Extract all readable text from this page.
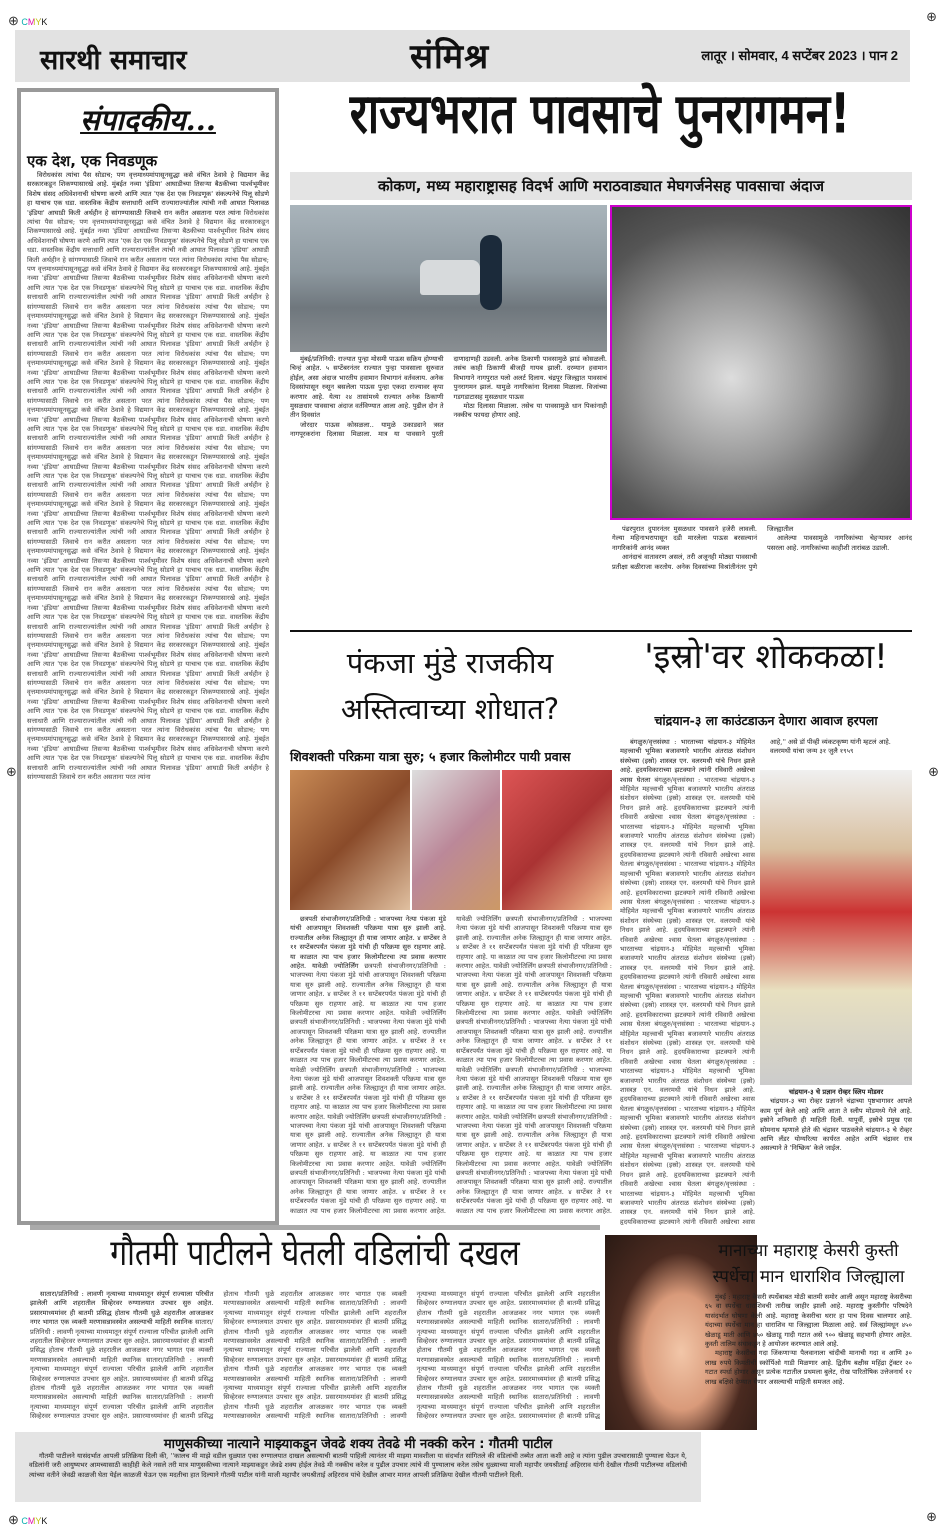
⊕ CMYK	⊕
⊕	⊕
⊕ CMYK	⊕
सारथी समाचार	संमिश्र	लातूर । सोमवार, 4 सप्टेंबर 2023 । पान 2
संपादकीय...
एक देश, एक निवडणूक

विरोधकांस त्यांचा पैस सोडाच; पण वृत्तमाध्यमांपासूनसुद्धा कसे वंचित ठेवावे हे विद्यमान केंद्र सरकारकडून शिकण्यासारखे आहे. मुंबईत नव्या 'इंडिया' आघाडीच्या तिसऱ्या बैठकीच्या पार्श्वभूमीवर विशेष संसद अधिवेशनाची घोषणा करणे आणि त्यात 'एक देश एक निवडणूक' संकल्पनेचे पिलू सोडणे हा याचाच एक धडा. वास्तविक केंद्रीय सत्ताधारी आणि राज्याराज्यांतील त्यांची नवी आघात पिलावळ 'इंडिया' आघाडी किती अर्थहीन हे सांगण्यासाठी जिवाचे रान करीत असताना परत त्यांना विरोधकांस त्यांचा पैस सोडाच; पण वृत्तमाध्यमांपासूनसुद्धा कसे वंचित ठेवावे हे विद्यमान केंद्र सरकारकडून शिकण्यासारखे आहे. मुंबईत नव्या 'इंडिया' आघाडीच्या तिसऱ्या बैठकीच्या पार्श्वभूमीवर विशेष संसद अधिवेशनाची घोषणा करणे आणि त्यात 'एक देश एक निवडणूक' संकल्पनेचे पिलू सोडणे हा याचाच एक धडा. वास्तविक केंद्रीय सत्ताधारी आणि राज्याराज्यांतील त्यांची नवी आघात पिलावळ 'इंडिया' आघाडी किती अर्थहीन हे सांगण्यासाठी जिवाचे रान करीत असताना परत त्यांना विरोधकांस त्यांचा पैस सोडाच; पण वृत्तमाध्यमांपासूनसुद्धा कसे वंचित ठेवावे हे विद्यमान केंद्र सरकारकडून शिकण्यासारखे आहे. मुंबईत नव्या 'इंडिया' आघाडीच्या तिसऱ्या बैठकीच्या पार्श्वभूमीवर विशेष संसद अधिवेशनाची घोषणा करणे आणि त्यात 'एक देश एक निवडणूक' संकल्पनेचे पिलू सोडणे हा याचाच एक धडा. वास्तविक केंद्रीय सत्ताधारी आणि राज्याराज्यांतील त्यांची नवी आघात पिलावळ 'इंडिया' आघाडी किती अर्थहीन हे सांगण्यासाठी जिवाचे रान करीत असताना परत त्यांना विरोधकांस त्यांचा पैस सोडाच; पण वृत्तमाध्यमांपासूनसुद्धा कसे वंचित ठेवावे हे विद्यमान केंद्र सरकारकडून शिकण्यासारखे आहे. मुंबईत नव्या 'इंडिया' आघाडीच्या तिसऱ्या बैठकीच्या पार्श्वभूमीवर विशेष संसद अधिवेशनाची घोषणा करणे आणि त्यात 'एक देश एक निवडणूक' संकल्पनेचे पिलू सोडणे हा याचाच एक धडा. वास्तविक केंद्रीय सत्ताधारी आणि राज्याराज्यांतील त्यांची नवी आघात पिलावळ 'इंडिया' आघाडी किती अर्थहीन हे सांगण्यासाठी जिवाचे रान करीत असताना परत त्यांना विरोधकांस त्यांचा पैस सोडाच; पण वृत्तमाध्यमांपासूनसुद्धा कसे वंचित ठेवावे हे विद्यमान केंद्र सरकारकडून शिकण्यासारखे आहे. मुंबईत नव्या 'इंडिया' आघाडीच्या तिसऱ्या बैठकीच्या पार्श्वभूमीवर विशेष संसद अधिवेशनाची घोषणा करणे आणि त्यात 'एक देश एक निवडणूक' संकल्पनेचे पिलू सोडणे हा याचाच एक धडा. वास्तविक केंद्रीय सत्ताधारी आणि राज्याराज्यांतील त्यांची नवी आघात पिलावळ 'इंडिया' आघाडी किती अर्थहीन हे सांगण्यासाठी जिवाचे रान करीत असताना परत त्यांना विरोधकांस त्यांचा पैस सोडाच; पण वृत्तमाध्यमांपासूनसुद्धा कसे वंचित ठेवावे हे विद्यमान केंद्र सरकारकडून शिकण्यासारखे आहे. मुंबईत नव्या 'इंडिया' आघाडीच्या तिसऱ्या बैठकीच्या पार्श्वभूमीवर विशेष संसद अधिवेशनाची घोषणा करणे आणि त्यात 'एक देश एक निवडणूक' संकल्पनेचे पिलू सोडणे हा याचाच एक धडा. वास्तविक केंद्रीय सत्ताधारी आणि राज्याराज्यांतील त्यांची नवी आघात पिलावळ 'इंडिया' आघाडी किती अर्थहीन हे सांगण्यासाठी जिवाचे रान करीत असताना परत त्यांना विरोधकांस त्यांचा पैस सोडाच; पण वृत्तमाध्यमांपासूनसुद्धा कसे वंचित ठेवावे हे विद्यमान केंद्र सरकारकडून शिकण्यासारखे आहे. मुंबईत नव्या 'इंडिया' आघाडीच्या तिसऱ्या बैठकीच्या पार्श्वभूमीवर विशेष संसद अधिवेशनाची घोषणा करणे आणि त्यात 'एक देश एक निवडणूक' संकल्पनेचे पिलू सोडणे हा याचाच एक धडा. वास्तविक केंद्रीय सत्ताधारी आणि राज्याराज्यांतील त्यांची नवी आघात पिलावळ 'इंडिया' आघाडी किती अर्थहीन हे सांगण्यासाठी जिवाचे रान करीत असताना परत त्यांना विरोधकांस त्यांचा पैस सोडाच; पण वृत्तमाध्यमांपासूनसुद्धा कसे वंचित ठेवावे हे विद्यमान केंद्र सरकारकडून शिकण्यासारखे आहे. मुंबईत नव्या 'इंडिया' आघाडीच्या तिसऱ्या बैठकीच्या पार्श्वभूमीवर विशेष संसद अधिवेशनाची घोषणा करणे आणि त्यात 'एक देश एक निवडणूक' संकल्पनेचे पिलू सोडणे हा याचाच एक धडा. वास्तविक केंद्रीय सत्ताधारी आणि राज्याराज्यांतील त्यांची नवी आघात पिलावळ 'इंडिया' आघाडी किती अर्थहीन हे सांगण्यासाठी जिवाचे रान करीत असताना परत त्यांना विरोधकांस त्यांचा पैस सोडाच; पण वृत्तमाध्यमांपासूनसुद्धा कसे वंचित ठेवावे हे विद्यमान केंद्र सरकारकडून शिकण्यासारखे आहे. मुंबईत नव्या 'इंडिया' आघाडीच्या तिसऱ्या बैठकीच्या पार्श्वभूमीवर विशेष संसद अधिवेशनाची घोषणा करणे आणि त्यात 'एक देश एक निवडणूक' संकल्पनेचे पिलू सोडणे हा याचाच एक धडा. वास्तविक केंद्रीय सत्ताधारी आणि राज्याराज्यांतील त्यांची नवी आघात पिलावळ 'इंडिया' आघाडी किती अर्थहीन हे सांगण्यासाठी जिवाचे रान करीत असताना परत त्यांना विरोधकांस त्यांचा पैस सोडाच; पण वृत्तमाध्यमांपासूनसुद्धा कसे वंचित ठेवावे हे विद्यमान केंद्र सरकारकडून शिकण्यासारखे आहे. मुंबईत नव्या 'इंडिया' आघाडीच्या तिसऱ्या बैठकीच्या पार्श्वभूमीवर विशेष संसद अधिवेशनाची घोषणा करणे आणि त्यात 'एक देश एक निवडणूक' संकल्पनेचे पिलू सोडणे हा याचाच एक धडा. वास्तविक केंद्रीय सत्ताधारी आणि राज्याराज्यांतील त्यांची नवी आघात पिलावळ 'इंडिया' आघाडी किती अर्थहीन हे सांगण्यासाठी जिवाचे रान करीत असताना परत त्यांना विरोधकांस त्यांचा पैस सोडाच; पण वृत्तमाध्यमांपासूनसुद्धा कसे वंचित ठेवावे हे विद्यमान केंद्र सरकारकडून शिकण्यासारखे आहे. मुंबईत नव्या 'इंडिया' आघाडीच्या तिसऱ्या बैठकीच्या पार्श्वभूमीवर विशेष संसद अधिवेशनाची घोषणा करणे आणि त्यात 'एक देश एक निवडणूक' संकल्पनेचे पिलू सोडणे हा याचाच एक धडा. वास्तविक केंद्रीय सत्ताधारी आणि राज्याराज्यांतील त्यांची नवी आघात पिलावळ 'इंडिया' आघाडी किती अर्थहीन हे सांगण्यासाठी जिवाचे रान करीत असताना परत त्यांना विरोधकांस त्यांचा पैस सोडाच; पण वृत्तमाध्यमांपासूनसुद्धा कसे वंचित ठेवावे हे विद्यमान केंद्र सरकारकडून शिकण्यासारखे आहे. मुंबईत नव्या 'इंडिया' आघाडीच्या तिसऱ्या बैठकीच्या पार्श्वभूमीवर विशेष संसद अधिवेशनाची घोषणा करणे आणि त्यात 'एक देश एक निवडणूक' संकल्पनेचे पिलू सोडणे हा याचाच एक धडा. वास्तविक केंद्रीय सत्ताधारी आणि राज्याराज्यांतील त्यांची नवी आघात पिलावळ 'इंडिया' आघाडी किती अर्थहीन हे सांगण्यासाठी जिवाचे रान करीत असताना परत त्यांना विरोधकांस त्यांचा पैस सोडाच; पण वृत्तमाध्यमांपासूनसुद्धा कसे वंचित ठेवावे हे विद्यमान केंद्र सरकारकडून शिकण्यासारखे आहे. मुंबईत नव्या 'इंडिया' आघाडीच्या तिसऱ्या बैठकीच्या पार्श्वभूमीवर विशेष संसद अधिवेशनाची घोषणा करणे आणि त्यात 'एक देश एक निवडणूक' संकल्पनेचे पिलू सोडणे हा याचाच एक धडा. वास्तविक केंद्रीय सत्ताधारी आणि राज्याराज्यांतील त्यांची नवी आघात पिलावळ 'इंडिया' आघाडी किती अर्थहीन हे सांगण्यासाठी जिवाचे रान करीत असताना परत त्यांना

राज्यभरात पावसाचे पुनरागमन!
कोकण, मध्य महाराष्ट्रासह विदर्भ आणि मराठवाड्यात मेघगर्जनेसह पावसाचा अंदाज

मुंबई/प्रतिनिधी: राज्यात पुन्हा मोसमी पाऊस सक्रिय होण्याची चिन्हं आहेत. ५ सप्टेंबरनंतर राज्यात पुन्हा पावसाला सुरुवात होईल, असा अंदाज भारतीय हवामान विभागानं वर्तवलाय. अनेक दिवसांपासून रुसून बसलेला पाऊस पुन्हा एकदा राज्यावर कृपा करणार आहे. येत्या २४ तासांमध्ये राज्यात अनेक ठिकाणी मुसळधार पावसाचा अंदाज वर्तविण्यात आला आहे. पुढील दोन ते तीन दिवसांत

जोरदार पाऊस कोसळला.. यामुळे उकाड्याने त्रस्त नागपूरकरांना दिलासा मिळाला. मात्र या पावसाने पुरती दाणादाणही उडवली. अनेक ठिकाणी पावसामुळे झाडं कोसळली. तसंच काही ठिकाणी बीजही गायब झाली. दरम्यान हवामान विभागाने नागपुरात यलो अलर्ट दिलाय. चंद्रपूर जिल्ह्यात पावसाचं पुनरागमन झालं. यामुळे नागरिकांना दिलासा मिळाला. विजांच्या गडगडाटासह मुसळधार पाऊस

मोठा दिलासा मिळाला. तसेच या पावसामुळे धान पिकांनाही नक्कीच फायदा होणार आहे.

पंढरपुरात दुपारनंतर मुसळधार पावसाने हजेरी लावली. गेल्या महिनाभरापासून दडी मारलेला पाऊस बरसल्यानं नागरिकांनी आनंद व्यक्त

आनंदाचं वातावरण असलं, तरी अजूनही मोठ्या पावसाची प्रतीक्षा बळीराजा करतोय. अनेक दिवसांच्या विश्रांतीनंतर पुणे जिल्ह्यातील

आलेल्या पावसामुळे नागरिकांच्या चेहऱ्यावर आनंद पसरला आहे. नागरिकांच्या काहीशी तारांबळ उडाली.

पंकजा मुंडे राजकीय अस्तित्वाच्या शोधात?
शिवशक्ती परिक्रमा यात्रा सुरु; ५ हजार किलोमीटर पायी प्रवास

छत्रपती संभाजीनगर/प्रतिनिधी : भाजपच्या नेत्या पंकजा मुंडे यांची आजपासून शिवशक्ती परिक्रमा यात्रा सुरु झाली आहे. राज्यातील अनेक जिल्ह्यातून ही यात्रा जाणार आहेत. ४ सप्टेंबर ते ११ सप्टेंबरपर्यंत पंकजा मुंडे यांची ही परिक्रमा सुरु राहणार आहे. या काळात त्या पाच हजार किलोमीटरचा त्या प्रवास करणार आहेत. यावेळी ज्योतिर्लिंग छत्रपती संभाजीनगर/प्रतिनिधी : भाजपच्या नेत्या पंकजा मुंडे यांची आजपासून शिवशक्ती परिक्रमा यात्रा सुरु झाली आहे. राज्यातील अनेक जिल्ह्यातून ही यात्रा जाणार आहेत. ४ सप्टेंबर ते ११ सप्टेंबरपर्यंत पंकजा मुंडे यांची ही परिक्रमा सुरु राहणार आहे. या काळात त्या पाच हजार किलोमीटरचा त्या प्रवास करणार आहेत. यावेळी ज्योतिर्लिंग छत्रपती संभाजीनगर/प्रतिनिधी : भाजपच्या नेत्या पंकजा मुंडे यांची आजपासून शिवशक्ती परिक्रमा यात्रा सुरु झाली आहे. राज्यातील अनेक जिल्ह्यातून ही यात्रा जाणार आहेत. ४ सप्टेंबर ते ११ सप्टेंबरपर्यंत पंकजा मुंडे यांची ही परिक्रमा सुरु राहणार आहे. या काळात त्या पाच हजार किलोमीटरचा त्या प्रवास करणार आहेत. यावेळी ज्योतिर्लिंग छत्रपती संभाजीनगर/प्रतिनिधी : भाजपच्या नेत्या पंकजा मुंडे यांची आजपासून शिवशक्ती परिक्रमा यात्रा सुरु झाली आहे. राज्यातील अनेक जिल्ह्यातून ही यात्रा जाणार आहेत. ४ सप्टेंबर ते ११ सप्टेंबरपर्यंत पंकजा मुंडे यांची ही परिक्रमा सुरु राहणार आहे. या काळात त्या पाच हजार किलोमीटरचा त्या प्रवास करणार आहेत. यावेळी ज्योतिर्लिंग छत्रपती संभाजीनगर/प्रतिनिधी : भाजपच्या नेत्या पंकजा मुंडे यांची आजपासून शिवशक्ती परिक्रमा यात्रा सुरु झाली आहे. राज्यातील अनेक जिल्ह्यातून ही यात्रा जाणार आहेत. ४ सप्टेंबर ते ११ सप्टेंबरपर्यंत पंकजा मुंडे यांची ही परिक्रमा सुरु राहणार आहे. या काळात त्या पाच हजार किलोमीटरचा त्या प्रवास करणार आहेत. यावेळी ज्योतिर्लिंग छत्रपती संभाजीनगर/प्रतिनिधी : भाजपच्या नेत्या पंकजा मुंडे यांची आजपासून शिवशक्ती परिक्रमा यात्रा सुरु झाली आहे. राज्यातील अनेक जिल्ह्यातून ही यात्रा जाणार आहेत. ४ सप्टेंबर ते ११ सप्टेंबरपर्यंत पंकजा मुंडे यांची ही परिक्रमा सुरु राहणार आहे. या काळात त्या पाच हजार किलोमीटरचा त्या प्रवास करणार आहेत. यावेळी ज्योतिर्लिंग छत्रपती संभाजीनगर/प्रतिनिधी : भाजपच्या नेत्या पंकजा मुंडे यांची आजपासून शिवशक्ती परिक्रमा यात्रा सुरु झाली आहे. राज्यातील अनेक जिल्ह्यातून ही यात्रा जाणार आहेत. ४ सप्टेंबर ते ११ सप्टेंबरपर्यंत पंकजा मुंडे यांची ही परिक्रमा सुरु राहणार आहे. या काळात त्या पाच हजार किलोमीटरचा त्या प्रवास करणार आहेत. यावेळी ज्योतिर्लिंग छत्रपती संभाजीनगर/प्रतिनिधी : भाजपच्या नेत्या पंकजा मुंडे यांची आजपासून शिवशक्ती परिक्रमा यात्रा सुरु झाली आहे. राज्यातील अनेक जिल्ह्यातून ही यात्रा जाणार आहेत. ४ सप्टेंबर ते ११ सप्टेंबरपर्यंत पंकजा मुंडे यांची ही परिक्रमा सुरु राहणार आहे. या काळात त्या पाच हजार किलोमीटरचा त्या प्रवास करणार आहेत. यावेळी ज्योतिर्लिंग छत्रपती संभाजीनगर/प्रतिनिधी : भाजपच्या नेत्या पंकजा मुंडे यांची आजपासून शिवशक्ती परिक्रमा यात्रा सुरु झाली आहे. राज्यातील अनेक जिल्ह्यातून ही यात्रा जाणार आहेत. ४ सप्टेंबर ते ११ सप्टेंबरपर्यंत पंकजा मुंडे यांची ही परिक्रमा सुरु राहणार आहे. या काळात त्या पाच हजार किलोमीटरचा त्या प्रवास करणार आहेत. यावेळी ज्योतिर्लिंग छत्रपती संभाजीनगर/प्रतिनिधी : भाजपच्या नेत्या पंकजा मुंडे यांची आजपासून शिवशक्ती परिक्रमा यात्रा सुरु झाली आहे. राज्यातील अनेक जिल्ह्यातून ही यात्रा जाणार आहेत. ४ सप्टेंबर ते ११ सप्टेंबरपर्यंत पंकजा मुंडे यांची ही परिक्रमा सुरु राहणार आहे. या काळात त्या पाच हजार किलोमीटरचा त्या प्रवास करणार आहेत. यावेळी ज्योतिर्लिंग छत्रपती संभाजीनगर/प्रतिनिधी : भाजपच्या नेत्या पंकजा मुंडे यांची आजपासून शिवशक्ती परिक्रमा यात्रा सुरु झाली आहे. राज्यातील अनेक जिल्ह्यातून ही यात्रा जाणार आहेत. ४ सप्टेंबर ते ११ सप्टेंबरपर्यंत पंकजा मुंडे यांची ही परिक्रमा सुरु राहणार आहे. या काळात त्या पाच हजार किलोमीटरचा त्या प्रवास करणार आहेत. यावेळी ज्योतिर्लिंग छत्रपती संभाजीनगर/प्रतिनिधी : भाजपच्या नेत्या पंकजा मुंडे यांची आजपासून शिवशक्ती परिक्रमा यात्रा सुरु झाली आहे. राज्यातील अनेक जिल्ह्यातून ही यात्रा जाणार आहेत. ४ सप्टेंबर ते ११ सप्टेंबरपर्यंत पंकजा मुंडे यांची ही परिक्रमा सुरु राहणार आहे. या काळात त्या पाच हजार किलोमीटरचा त्या प्रवास करणार आहेत.

'इस्रो'वर शोककळा!
चांद्रयान-३ ला काउंटडाऊन देणारा आवाज हरपला

बंगळुरु/वृत्तसंस्था : भारताच्या चांद्रयान-३ मोहिमेत महत्त्वाची भूमिका बजावणारे भारतीय अंतराळ संशोधन संस्थेच्या (इस्रो) शास्त्रज्ञ एन. वलरमथी यांचे निधन झाले आहे. हृदयविकाराच्या झटक्याने त्यांनी रविवारी अखेरचा श्वास घेतला बंगळुरु/वृत्तसंस्था : भारताच्या चांद्रयान-३ मोहिमेत महत्त्वाची भूमिका बजावणारे भारतीय अंतराळ संशोधन संस्थेच्या (इस्रो) शास्त्रज्ञ एन. वलरमथी यांचे निधन झाले आहे. हृदयविकाराच्या झटक्याने त्यांनी रविवारी अखेरचा श्वास घेतला बंगळुरु/वृत्तसंस्था : भारताच्या चांद्रयान-३ मोहिमेत महत्त्वाची भूमिका बजावणारे भारतीय अंतराळ संशोधन संस्थेच्या (इस्रो) शास्त्रज्ञ एन. वलरमथी यांचे निधन झाले आहे. हृदयविकाराच्या झटक्याने त्यांनी रविवारी अखेरचा श्वास घेतला बंगळुरु/वृत्तसंस्था : भारताच्या चांद्रयान-३ मोहिमेत महत्त्वाची भूमिका बजावणारे भारतीय अंतराळ संशोधन संस्थेच्या (इस्रो) शास्त्रज्ञ एन. वलरमथी यांचे निधन झाले आहे. हृदयविकाराच्या झटक्याने त्यांनी रविवारी अखेरचा श्वास घेतला बंगळुरु/वृत्तसंस्था : भारताच्या चांद्रयान-३ मोहिमेत महत्त्वाची भूमिका बजावणारे भारतीय अंतराळ संशोधन संस्थेच्या (इस्रो) शास्त्रज्ञ एन. वलरमथी यांचे निधन झाले आहे. हृदयविकाराच्या झटक्याने त्यांनी रविवारी अखेरचा श्वास घेतला बंगळुरु/वृत्तसंस्था : भारताच्या चांद्रयान-३ मोहिमेत महत्त्वाची भूमिका बजावणारे भारतीय अंतराळ संशोधन संस्थेच्या (इस्रो) शास्त्रज्ञ एन. वलरमथी यांचे निधन झाले आहे. हृदयविकाराच्या झटक्याने त्यांनी रविवारी अखेरचा श्वास घेतला बंगळुरु/वृत्तसंस्था : भारताच्या चांद्रयान-३ मोहिमेत महत्त्वाची भूमिका बजावणारे भारतीय अंतराळ संशोधन संस्थेच्या (इस्रो) शास्त्रज्ञ एन. वलरमथी यांचे निधन झाले आहे. हृदयविकाराच्या झटक्याने त्यांनी रविवारी अखेरचा श्वास घेतला बंगळुरु/वृत्तसंस्था : भारताच्या चांद्रयान-३ मोहिमेत महत्त्वाची भूमिका बजावणारे भारतीय अंतराळ संशोधन संस्थेच्या (इस्रो) शास्त्रज्ञ एन. वलरमथी यांचे निधन झाले आहे. हृदयविकाराच्या झटक्याने त्यांनी रविवारी अखेरचा श्वास घेतला बंगळुरु/वृत्तसंस्था : भारताच्या चांद्रयान-३ मोहिमेत महत्त्वाची भूमिका बजावणारे भारतीय अंतराळ संशोधन संस्थेच्या (इस्रो) शास्त्रज्ञ एन. वलरमथी यांचे निधन झाले आहे. हृदयविकाराच्या झटक्याने त्यांनी रविवारी अखेरचा श्वास घेतला बंगळुरु/वृत्तसंस्था : भारताच्या चांद्रयान-३ मोहिमेत महत्त्वाची भूमिका बजावणारे भारतीय अंतराळ संशोधन संस्थेच्या (इस्रो) शास्त्रज्ञ एन. वलरमथी यांचे निधन झाले आहे. हृदयविकाराच्या झटक्याने त्यांनी रविवारी अखेरचा श्वास घेतला बंगळुरु/वृत्तसंस्था : भारताच्या चांद्रयान-३ मोहिमेत महत्त्वाची भूमिका बजावणारे भारतीय अंतराळ संशोधन संस्थेच्या (इस्रो) शास्त्रज्ञ एन. वलरमथी यांचे निधन झाले आहे. हृदयविकाराच्या झटक्याने त्यांनी रविवारी अखेरचा श्वास घेतला बंगळुरु/वृत्तसंस्था : भारताच्या चांद्रयान-३ मोहिमेत महत्त्वाची भूमिका बजावणारे भारतीय अंतराळ संशोधन संस्थेच्या (इस्रो) शास्त्रज्ञ एन. वलरमथी यांचे निधन झाले आहे. हृदयविकाराच्या झटक्याने त्यांनी रविवारी अखेरचा श्वास

आहे,'' असे डॉ पीव्ही व्यंकटकृष्ण यांनी म्हटलं आहे.

वलरमथी यांचा जन्म ३१ जुलै १९५९

चांद्रयान-३ चे प्रज्ञान रोव्हर स्लिप मोडवर

चांद्रयान-३ च्या रोव्हर प्रज्ञानने चंद्राच्या पृष्ठभागावर आपले काम पूर्ण केले आहे आणि आता ते स्लीप मोडमध्ये गेले आहे. इस्रोने शनिवारी ही माहिती दिली. यापूर्वी, इस्रोचे प्रमुख एस सोमनाथ म्हणाले होते की चंद्रावर पाठवलेले चांद्रयान-३ चे रोव्हर आणि लँडर योग्यरित्या कार्यरत आहेत आणि चंद्रावर रात्र असल्याने ते 'निष्क्रिय' केले जाईल.

गौतमी पाटीलने घेतली वडिलांची दखल

सातारा/प्रतिनिधी : लावणी नृत्याच्या माध्यमातून संपूर्ण राज्याला परिचीत झालेली आणि शहरातील सिव्हेरवर रुग्णालयात उपचार सुरु आहेत. प्रसारमाध्यमांवर ही बातमी प्रसिद्ध होताच गौतमी धुळे शहरातील आजळकर नगर भागात एक व्यक्ती मरणासन्नावस्थेत असल्याची माहिती स्थानिक सातारा/प्रतिनिधी : लावणी नृत्याच्या माध्यमातून संपूर्ण राज्याला परिचीत झालेली आणि शहरातील सिव्हेरवर रुग्णालयात उपचार सुरु आहेत. प्रसारमाध्यमांवर ही बातमी प्रसिद्ध होताच गौतमी धुळे शहरातील आजळकर नगर भागात एक व्यक्ती मरणासन्नावस्थेत असल्याची माहिती स्थानिक सातारा/प्रतिनिधी : लावणी नृत्याच्या माध्यमातून संपूर्ण राज्याला परिचीत झालेली आणि शहरातील सिव्हेरवर रुग्णालयात उपचार सुरु आहेत. प्रसारमाध्यमांवर ही बातमी प्रसिद्ध होताच गौतमी धुळे शहरातील आजळकर नगर भागात एक व्यक्ती मरणासन्नावस्थेत असल्याची माहिती स्थानिक सातारा/प्रतिनिधी : लावणी नृत्याच्या माध्यमातून संपूर्ण राज्याला परिचीत झालेली आणि शहरातील सिव्हेरवर रुग्णालयात उपचार सुरु आहेत. प्रसारमाध्यमांवर ही बातमी प्रसिद्ध होताच गौतमी धुळे शहरातील आजळकर नगर भागात एक व्यक्ती मरणासन्नावस्थेत असल्याची माहिती स्थानिक सातारा/प्रतिनिधी : लावणी नृत्याच्या माध्यमातून संपूर्ण राज्याला परिचीत झालेली आणि शहरातील सिव्हेरवर रुग्णालयात उपचार सुरु आहेत. प्रसारमाध्यमांवर ही बातमी प्रसिद्ध होताच गौतमी धुळे शहरातील आजळकर नगर भागात एक व्यक्ती मरणासन्नावस्थेत असल्याची माहिती स्थानिक सातारा/प्रतिनिधी : लावणी नृत्याच्या माध्यमातून संपूर्ण राज्याला परिचीत झालेली आणि शहरातील सिव्हेरवर रुग्णालयात उपचार सुरु आहेत. प्रसारमाध्यमांवर ही बातमी प्रसिद्ध होताच गौतमी धुळे शहरातील आजळकर नगर भागात एक व्यक्ती मरणासन्नावस्थेत असल्याची माहिती स्थानिक सातारा/प्रतिनिधी : लावणी नृत्याच्या माध्यमातून संपूर्ण राज्याला परिचीत झालेली आणि शहरातील सिव्हेरवर रुग्णालयात उपचार सुरु आहेत. प्रसारमाध्यमांवर ही बातमी प्रसिद्ध होताच गौतमी धुळे शहरातील आजळकर नगर भागात एक व्यक्ती मरणासन्नावस्थेत असल्याची माहिती स्थानिक सातारा/प्रतिनिधी : लावणी नृत्याच्या माध्यमातून संपूर्ण राज्याला परिचीत झालेली आणि शहरातील सिव्हेरवर रुग्णालयात उपचार सुरु आहेत. प्रसारमाध्यमांवर ही बातमी प्रसिद्ध होताच गौतमी धुळे शहरातील आजळकर नगर भागात एक व्यक्ती मरणासन्नावस्थेत असल्याची माहिती स्थानिक सातारा/प्रतिनिधी : लावणी नृत्याच्या माध्यमातून संपूर्ण राज्याला परिचीत झालेली आणि शहरातील सिव्हेरवर रुग्णालयात उपचार सुरु आहेत. प्रसारमाध्यमांवर ही बातमी प्रसिद्ध होताच गौतमी धुळे शहरातील आजळकर नगर भागात एक व्यक्ती मरणासन्नावस्थेत असल्याची माहिती स्थानिक सातारा/प्रतिनिधी : लावणी नृत्याच्या माध्यमातून संपूर्ण राज्याला परिचीत झालेली आणि शहरातील सिव्हेरवर रुग्णालयात उपचार सुरु आहेत. प्रसारमाध्यमांवर ही बातमी प्रसिद्ध होताच गौतमी धुळे शहरातील आजळकर नगर भागात एक व्यक्ती मरणासन्नावस्थेत असल्याची माहिती स्थानिक सातारा/प्रतिनिधी : लावणी नृत्याच्या माध्यमातून संपूर्ण राज्याला परिचीत झालेली आणि शहरातील सिव्हेरवर रुग्णालयात उपचार सुरु आहेत. प्रसारमाध्यमांवर ही बातमी प्रसिद्ध

माणुसकीच्या नात्याने माझ्याकडून जेवढे शक्य तेवढे मी नक्की करेन : गौतमी पाटील

गौतमी पाटीलने यासंदर्भात आपली प्रतिक्रिया दिली की, ''कालच मी माझे वडील धुळ्यात एका रुग्णालयात दाखल असल्याची बातमी पाहिली त्यानंतर मी माझ्या मावशीला या संदर्भात सांगितले की वडिलांची तब्येत आता कशी आहे व त्यांना पुढील उपचारासाठी पुण्याला घेऊन ये, वडिलांनी जरी आयुष्यभर आमच्यासाठी काहीही केले नसले तरी मात्र माणुसकीच्या नात्याने माझ्याकडून जेवढे शक्य होईल तेवढे मी नक्कीच करेल व पुढील उपचार त्यांचे मी पुण्यालाच करेल तसेच धुळ्याच्या माजी महापौर जयश्रीताई अहिरराव यांनी देखील गौतमी पाटीलच्या वडिलांची त्यांच्या वतीने जेवढी काळजी घेता येईल काळजी घेऊन एक मदतीचा हात दिल्याने गौतमी पाटील यांनी माजी महापौर जयश्रीताई अहिरराव यांचे देखील आभार मानत आपली प्रतिक्रिया देखील गौतमी पाटीलने दिली.

मानाच्या महाराष्ट्र केसरी कुस्ती स्पर्धेचा मान धाराशिव जिल्ह्याला

मुंबई : महाराष्ट्र केसरी स्पर्धेबाबत मोठी बातमी समोर आली असून महाराष्ट्र केसरीच्या ६५ वा स्पर्धेचा धाराशिवची तारीख जाहीर झाली आहे. महाराष्ट्र कुस्तीगीर परिषदेने यासंदर्भात घोषणा केली आहे. महाराष्ट्र केसरीचा थरार हा पाच दिवस चालणार आहे. यंदाच्या स्पर्धेचा मान हा धाराशिव या जिल्ह्याला मिळाला आहे. सर्व जिल्ह्यांमधून ४५० खेळाडू माती आणि ४५० खेळाडू गादी गटात असे ९०० खेळाडू सहभागी होणार आहेत. कुस्ती तालिम संघाकडून हे आयोजन करण्यात आले आहे.

महाराष्ट्र केसरीचा गदा जिंकणाऱ्या पैलवानाला चांदीची मानाची गदा व आणि ३० लाख रुपये किमतीची स्कॉर्पिओ गाडी मिळणार आहे. द्वितीय बक्षीस महिंद्रा ट्रॅक्टर २० गटात स्पर्धा होणार असून प्रत्येक गटातील प्रथमला बुलेट, रोख पारितोषिक उत्तेजनार्थ १२ लाख बक्षिसे देण्यात येणार असल्याची माहिती समजत आहे.
